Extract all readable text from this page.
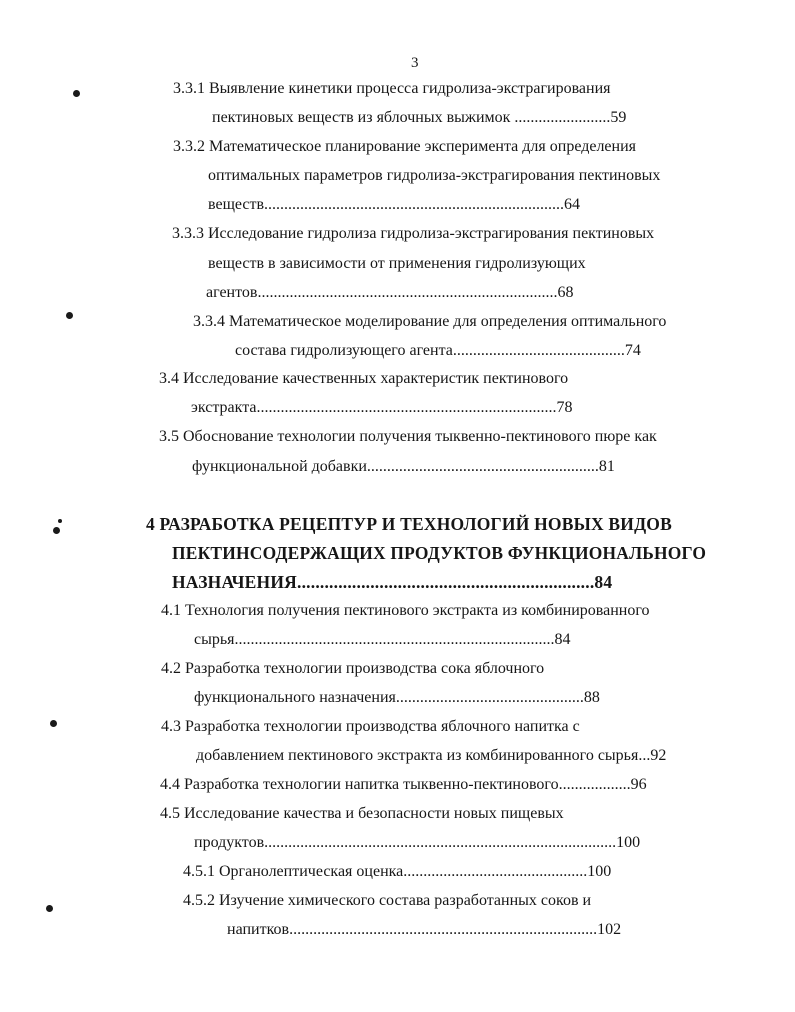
3
3.3.1 Выявление кинетики процесса гидролиза-экстрагирования
пектиновых веществ из яблочных выжимок ........................59
3.3.2 Математическое планирование эксперимента для определения
оптимальных параметров гидролиза-экстрагирования пектиновых
веществ...........................................................................64
3.3.3 Исследование гидролиза гидролиза-экстрагирования пектиновых
веществ в зависимости от применения гидролизующих
агентов...........................................................................68
3.3.4 Математическое моделирование для определения оптимального
состава гидролизующего агента...........................................74
3.4 Исследование качественных характеристик пектинового
экстракта...........................................................................78
3.5 Обоснование технологии получения тыквенно-пектинового пюре как
функциональной добавки..........................................................81
4 РАЗРАБОТКА РЕЦЕПТУР И ТЕХНОЛОГИЙ НОВЫХ ВИДОВ
ПЕКТИНСОДЕРЖАЩИХ ПРОДУКТОВ ФУНКЦИОНАЛЬНОГО
НАЗНАЧЕНИЯ.................................................................84
4.1 Технология получения пектинового экстракта из комбинированного
сырья................................................................................84
4.2 Разработка технологии производства сока яблочного
функционального назначения...............................................88
4.3 Разработка технологии производства яблочного напитка с
добавлением пектинового экстракта из комбинированного сырья...92
4.4 Разработка технологии напитка тыквенно-пектинового..................96
4.5 Исследование качества и безопасности новых пищевых
продуктов........................................................................................100
4.5.1 Органолептическая оценка..............................................100
4.5.2 Изучение химического состава разработанных соков и
напитков.............................................................................102
